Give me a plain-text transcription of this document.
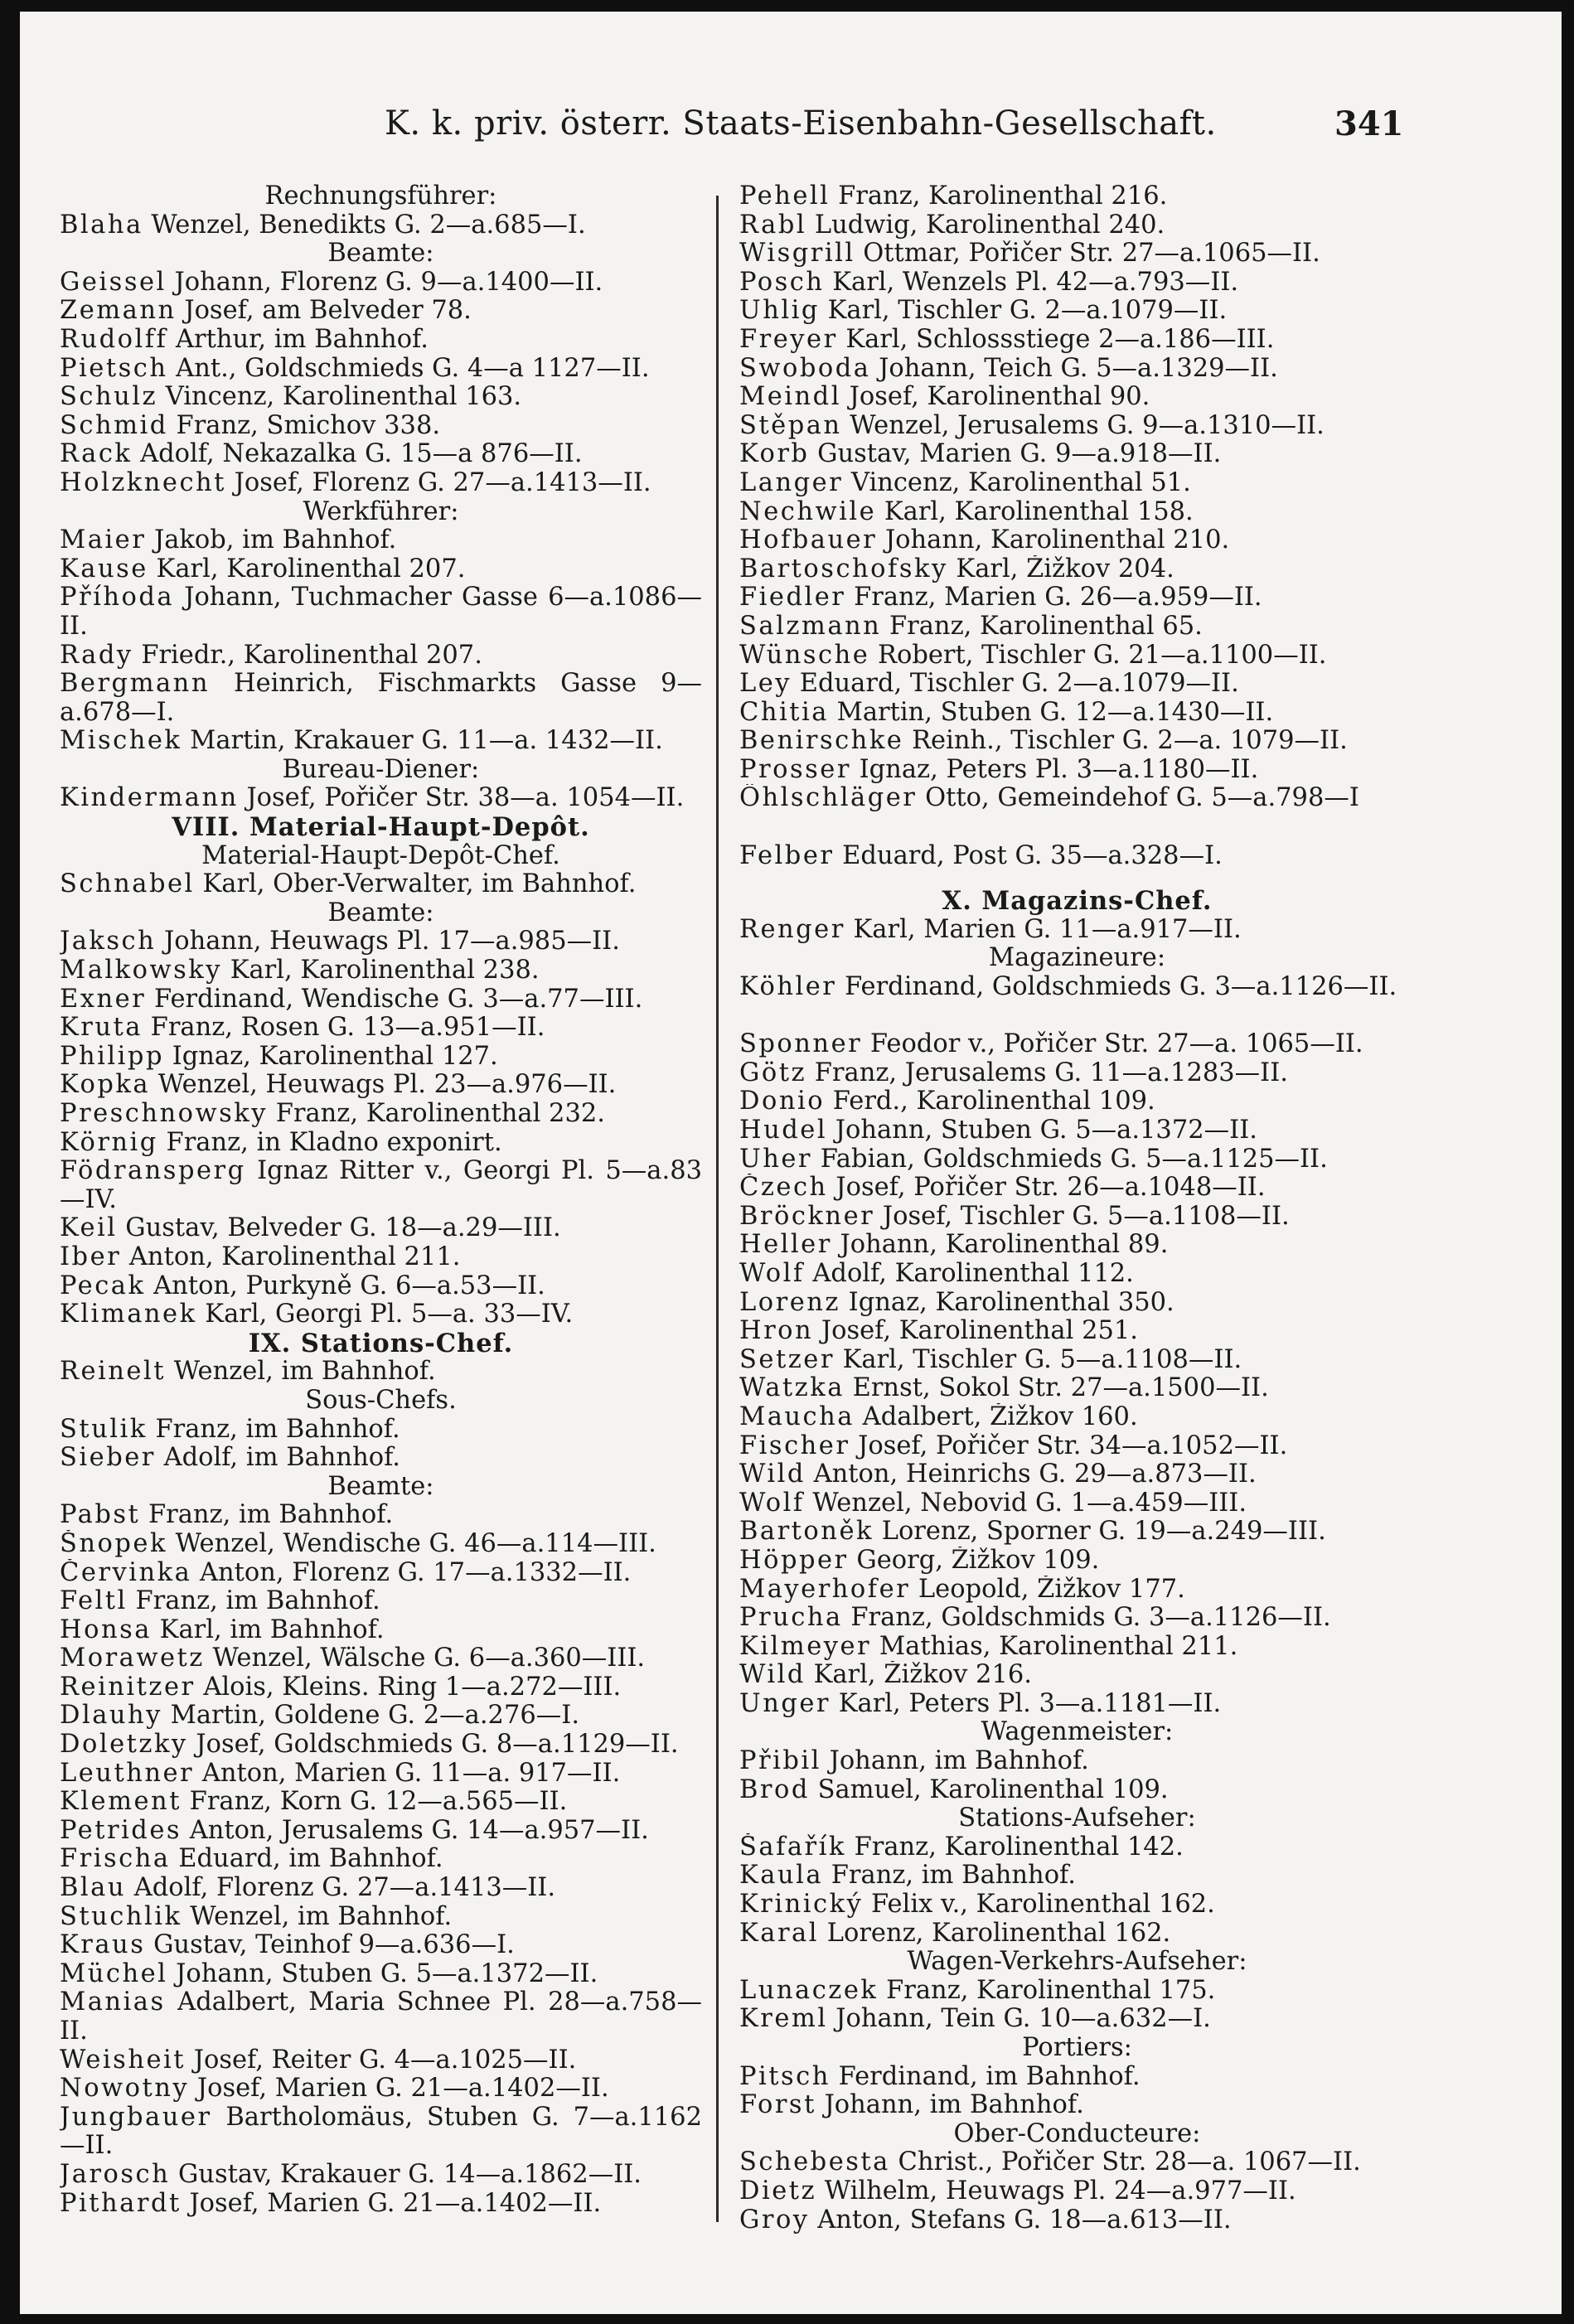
K. k. priv. österr. Staats-Eisenbahn-Gesellschaft.	341
Rechnungsführer:
Blaha Wenzel, Benedikts G. 2—a.685—I.
Beamte:
Geissel Johann, Florenz G. 9—a.1400—II.
Zemann Josef, am Belveder 78.
Rudolff Arthur, im Bahnhof.
Pietsch Ant., Goldschmieds G. 4—a 1127—II.
Schulz Vincenz, Karolinenthal 163.
Schmid Franz, Smichov 338.
Rack Adolf, Nekazalka G. 15—a 876—II.
Holzknecht Josef, Florenz G. 27—a.1413—II.
Werkführer:
Maier Jakob, im Bahnhof.
Kause Karl, Karolinenthal 207.
Příhoda Johann, Tuchmacher Gasse 6—a.1086—II.
Rady Friedr., Karolinenthal 207.
Bergmann Heinrich, Fischmarkts Gasse 9—a.678—I.
Mischek Martin, Krakauer G. 11—a. 1432—II.
Bureau-Diener:
Kindermann Josef, Pořičer Str. 38—a. 1054—II.
VIII. Material-Haupt-Depôt.
Material-Haupt-Depôt-Chef.
Schnabel Karl, Ober-Verwalter, im Bahnhof.
Beamte:
Jaksch Johann, Heuwags Pl. 17—a.985—II.
Malkowsky Karl, Karolinenthal 238.
Exner Ferdinand, Wendische G. 3—a.77—III.
Kruta Franz, Rosen G. 13—a.951—II.
Philipp Ignaz, Karolinenthal 127.
Kopka Wenzel, Heuwags Pl. 23—a.976—II.
Preschnowsky Franz, Karolinenthal 232.
Körnig Franz, in Kladno exponirt.
Födransperg Ignaz Ritter v., Georgi Pl. 5—a.83—IV.
Keil Gustav, Belveder G. 18—a.29—III.
Iber Anton, Karolinenthal 211.
Pecak Anton, Purkyně G. 6—a.53—II.
Klimanek Karl, Georgi Pl. 5—a. 33—IV.
IX. Stations-Chef.
Reinelt Wenzel, im Bahnhof.
Sous-Chefs.
Stulik Franz, im Bahnhof.
Sieber Adolf, im Bahnhof.
Beamte:
Pabst Franz, im Bahnhof.
Šnopek Wenzel, Wendische G. 46—a.114—III.
Červinka Anton, Florenz G. 17—a.1332—II.
Feltl Franz, im Bahnhof.
Honsa Karl, im Bahnhof.
Morawetz Wenzel, Wälsche G. 6—a.360—III.
Reinitzer Alois, Kleins. Ring 1—a.272—III.
Dlauhy Martin, Goldene G. 2—a.276—I.
Doletzky Josef, Goldschmieds G. 8—a.1129—II.
Leuthner Anton, Marien G. 11—a. 917—II.
Klement Franz, Korn G. 12—a.565—II.
Petrides Anton, Jerusalems G. 14—a.957—II.
Frischa Eduard, im Bahnhof.
Blau Adolf, Florenz G. 27—a.1413—II.
Stuchlik Wenzel, im Bahnhof.
Kraus Gustav, Teinhof 9—a.636—I.
Müchel Johann, Stuben G. 5—a.1372—II.
Manias Adalbert, Maria Schnee Pl. 28—a.758—II.
Weisheit Josef, Reiter G. 4—a.1025—II.
Nowotny Josef, Marien G. 21—a.1402—II.
Jungbauer Bartholomäus, Stuben G. 7—a.1162—II.
Jarosch Gustav, Krakauer G. 14—a.1862—II.
Pithardt Josef, Marien G. 21—a.1402—II.
Pehell Franz, Karolinenthal 216.
Rabl Ludwig, Karolinenthal 240.
Wisgrill Ottmar, Pořičer Str. 27—a.1065—II.
Posch Karl, Wenzels Pl. 42—a.793—II.
Uhlig Karl, Tischler G. 2—a.1079—II.
Freyer Karl, Schlossstiege 2—a.186—III.
Swoboda Johann, Teich G. 5—a.1329—II.
Meindl Josef, Karolinenthal 90.
Stěpan Wenzel, Jerusalems G. 9—a.1310—II.
Korb Gustav, Marien G. 9—a.918—II.
Langer Vincenz, Karolinenthal 51.
Nechwile Karl, Karolinenthal 158.
Hofbauer Johann, Karolinenthal 210.
Bartoschofsky Karl, Žižkov 204.
Fiedler Franz, Marien G. 26—a.959—II.
Salzmann Franz, Karolinenthal 65.
Wünsche Robert, Tischler G. 21—a.1100—II.
Ley Eduard, Tischler G. 2—a.1079—II.
Chitia Martin, Stuben G. 12—a.1430—II.
Benirschke Reinh., Tischler G. 2—a. 1079—II.
Prosser Ignaz, Peters Pl. 3—a.1180—II.
Öhlschläger Otto, Gemeindehof G. 5—a.798—I
Felber Eduard, Post G. 35—a.328—I.
X. Magazins-Chef.
Renger Karl, Marien G. 11—a.917—II.
Magazineure:
Köhler Ferdinand, Goldschmieds G. 3—a.1126—II.
Sponner Feodor v., Pořičer Str. 27—a. 1065—II.
Götz Franz, Jerusalems G. 11—a.1283—II.
Donio Ferd., Karolinenthal 109.
Hudel Johann, Stuben G. 5—a.1372—II.
Uher Fabian, Goldschmieds G. 5—a.1125—II.
Čzech Josef, Pořičer Str. 26—a.1048—II.
Bröckner Josef, Tischler G. 5—a.1108—II.
Heller Johann, Karolinenthal 89.
Wolf Adolf, Karolinenthal 112.
Lorenz Ignaz, Karolinenthal 350.
Hron Josef, Karolinenthal 251.
Setzer Karl, Tischler G. 5—a.1108—II.
Watzka Ernst, Sokol Str. 27—a.1500—II.
Maucha Adalbert, Žižkov 160.
Fischer Josef, Pořičer Str. 34—a.1052—II.
Wild Anton, Heinrichs G. 29—a.873—II.
Wolf Wenzel, Nebovid G. 1—a.459—III.
Bartoněk Lorenz, Sporner G. 19—a.249—III.
Höpper Georg, Žižkov 109.
Mayerhofer Leopold, Žižkov 177.
Prucha Franz, Goldschmids G. 3—a.1126—II.
Kilmeyer Mathias, Karolinenthal 211.
Wild Karl, Žižkov 216.
Unger Karl, Peters Pl. 3—a.1181—II.
Wagenmeister:
Přibil Johann, im Bahnhof.
Brod Samuel, Karolinenthal 109.
Stations-Aufseher:
Šafařík Franz, Karolinenthal 142.
Kaula Franz, im Bahnhof.
Krinický Felix v., Karolinenthal 162.
Karal Lorenz, Karolinenthal 162.
Wagen-Verkehrs-Aufseher:
Lunaczek Franz, Karolinenthal 175.
Kreml Johann, Tein G. 10—a.632—I.
Portiers:
Pitsch Ferdinand, im Bahnhof.
Forst Johann, im Bahnhof.
Ober-Conducteure:
Schebesta Christ., Pořičer Str. 28—a. 1067—II.
Dietz Wilhelm, Heuwags Pl. 24—a.977—II.
Groy Anton, Stefans G. 18—a.613—II.
